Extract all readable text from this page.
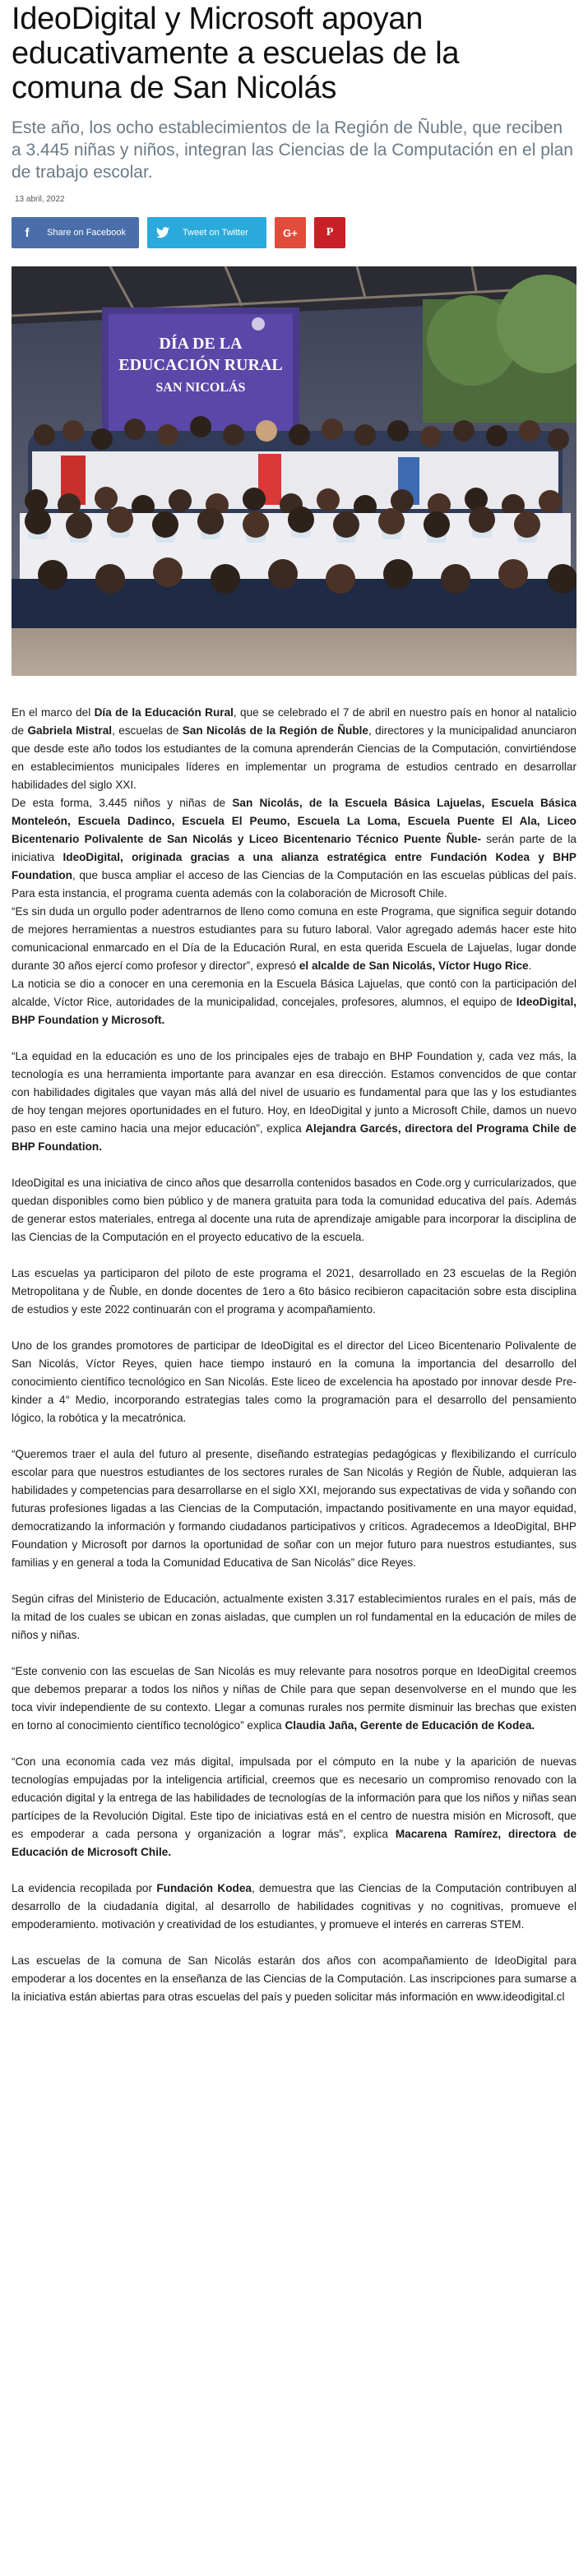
IdeoDigital y Microsoft apoyan educativamente a escuelas de la comuna de San Nicolás

Este año, los ocho establecimientos de la Región de Ñuble, que reciben a 3.445 niñas y niños, integran las Ciencias de la Computación en el plan de trabajo escolar.

13 abril, 2022
f	Share on Facebook	Tweet on Twitter	G+ P
DÍA DE LA
EDUCACIÓN RURAL
SAN NICOLÁS

En el marco del Día de la Educación Rural, que se celebrado el 7 de abril en nuestro país en honor al natalicio de Gabriela Mistral, escuelas de San Nicolás de la Región de Ñuble, directores y la municipalidad anunciaron que desde este año todos los estudiantes de la comuna aprenderán Ciencias de la Computación, convirtiéndose en establecimientos municipales líderes en implementar un programa de estudios centrado en desarrollar habilidades del siglo XXI.

De esta forma, 3.445 niños y niñas de San Nicolás, de la Escuela Básica Lajuelas, Escuela Básica Monteleón, Escuela Dadinco, Escuela El Peumo, Escuela La Loma, Escuela Puente El Ala, Liceo Bicentenario Polivalente de San Nicolás y Liceo Bicentenario Técnico Puente Ñuble- serán parte de la iniciativa IdeoDigital, originada gracias a una alianza estratégica entre Fundación Kodea y BHP Foundation, que busca ampliar el acceso de las Ciencias de la Computación en las escuelas públicas del país. Para esta instancia, el programa cuenta además con la colaboración de Microsoft Chile.

“Es sin duda un orgullo poder adentrarnos de lleno como comuna en este Programa, que significa seguir dotando de mejores herramientas a nuestros estudiantes para su futuro laboral. Valor agregado además hacer este hito comunicacional enmarcado en el Día de la Educación Rural, en esta querida Escuela de Lajuelas, lugar donde durante 30 años ejercí como profesor y director”, expresó el alcalde de San Nicolás, Víctor Hugo Rice.

La noticia se dio a conocer en una ceremonia en la Escuela Básica Lajuelas, que contó con la participación del alcalde, Víctor Rice, autoridades de la municipalidad, concejales, profesores, alumnos, el equipo de IdeoDigital, BHP Foundation y Microsoft.

“La equidad en la educación es uno de los principales ejes de trabajo en BHP Foundation y, cada vez más, la tecnología es una herramienta importante para avanzar en esa dirección. Estamos convencidos de que contar con habilidades digitales que vayan más allá del nivel de usuario es fundamental para que las y los estudiantes de hoy tengan mejores oportunidades en el futuro. Hoy, en IdeoDigital y junto a Microsoft Chile, damos un nuevo paso en este camino hacia una mejor educación”, explica Alejandra Garcés, directora del Programa Chile de BHP Foundation.

IdeoDigital es una iniciativa de cinco años que desarrolla contenidos basados en Code.org y curricularizados, que quedan disponibles como bien público y de manera gratuita para toda la comunidad educativa del país. Además de generar estos materiales, entrega al docente una ruta de aprendizaje amigable para incorporar la disciplina de las Ciencias de la Computación en el proyecto educativo de la escuela.

Las escuelas ya participaron del piloto de este programa el 2021, desarrollado en 23 escuelas de la Región Metropolitana y de Ñuble, en donde docentes de 1ero a 6to básico recibieron capacitación sobre esta disciplina de estudios y este 2022 continuarán con el programa y acompañamiento.

Uno de los grandes promotores de participar de IdeoDigital es el director del Liceo Bicentenario Polivalente de San Nicolás, Víctor Reyes, quien hace tiempo instauró en la comuna la importancia del desarrollo del conocimiento científico tecnológico en San Nicolás. Este liceo de excelencia ha apostado por innovar desde Pre-kinder a 4° Medio, incorporando estrategias tales como la programación para el desarrollo del pensamiento lógico, la robótica y la mecatrónica.

“Queremos traer el aula del futuro al presente, diseñando estrategias pedagógicas y flexibilizando el currículo escolar para que nuestros estudiantes de los sectores rurales de San Nicolás y Región de Ñuble, adquieran las habilidades y competencias para desarrollarse en el siglo XXI, mejorando sus expectativas de vida y soñando con futuras profesiones ligadas a las Ciencias de la Computación, impactando positivamente en una mayor equidad, democratizando la información y formando ciudadanos participativos y críticos. Agradecemos a IdeoDigital, BHP Foundation y Microsoft por darnos la oportunidad de soñar con un mejor futuro para nuestros estudiantes, sus familias y en general a toda la Comunidad Educativa de San Nicolás” dice Reyes.

Según cifras del Ministerio de Educación, actualmente existen 3.317 establecimientos rurales en el país, más de la mitad de los cuales se ubican en zonas aisladas, que cumplen un rol fundamental en la educación de miles de niños y niñas.

“Este convenio con las escuelas de San Nicolás es muy relevante para nosotros porque en IdeoDigital creemos que debemos preparar a todos los niños y niñas de Chile para que sepan desenvolverse en el mundo que les toca vivir independiente de su contexto. Llegar a comunas rurales nos permite disminuir las brechas que existen en torno al conocimiento científico tecnológico” explica Claudia Jaña, Gerente de Educación de Kodea.

“Con una economía cada vez más digital, impulsada por el cómputo en la nube y la aparición de nuevas tecnologías empujadas por la inteligencia artificial, creemos que es necesario un compromiso renovado con la educación digital y la entrega de las habilidades de tecnologías de la información para que los niños y niñas sean partícipes de la Revolución Digital. Este tipo de iniciativas está en el centro de nuestra misión en Microsoft, que es empoderar a cada persona y organización a lograr más”, explica Macarena Ramírez, directora de Educación de Microsoft Chile.

La evidencia recopilada por Fundación Kodea, demuestra que las Ciencias de la Computación contribuyen al desarrollo de la ciudadanía digital, al desarrollo de habilidades cognitivas y no cognitivas, promueve el empoderamiento. motivación y creatividad de los estudiantes, y promueve el interés en carreras STEM.

Las escuelas de la comuna de San Nicolás estarán dos años con acompañamiento de IdeoDigital para empoderar a los docentes en la enseñanza de las Ciencias de la Computación. Las inscripciones para sumarse a la iniciativa están abiertas para otras escuelas del país y pueden solicitar más información en www.ideodigital.cl
